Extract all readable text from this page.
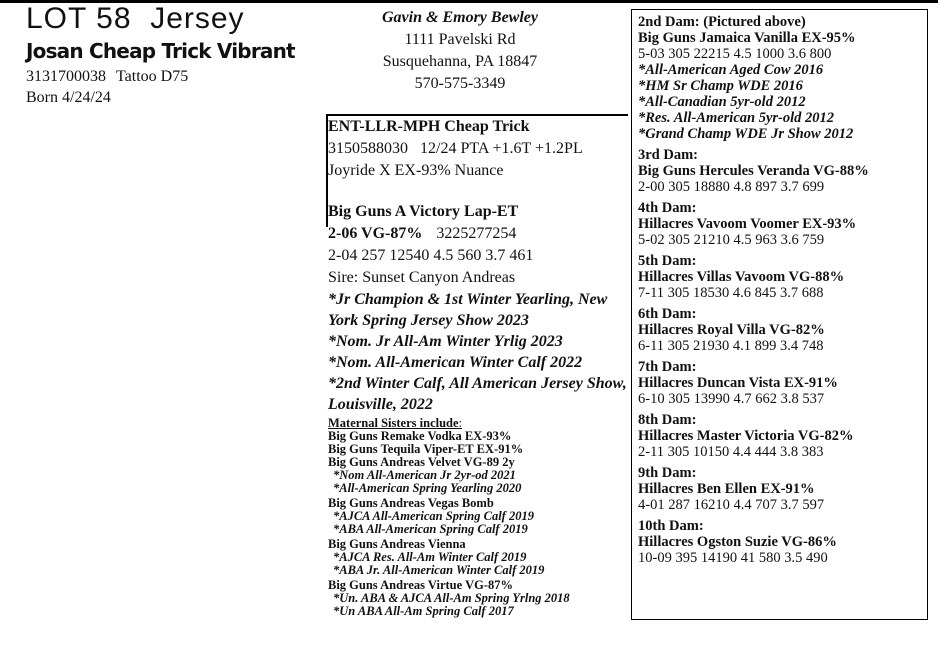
LOT 58 Jersey
Josan Cheap Trick Vibrant
3131700038 Tattoo D75
Born 4/24/24
Gavin & Emory Bewley
1111 Pavelski Rd
Susquehanna, PA 18847
570-575-3349
ENT-LLR-MPH Cheap Trick
3150588030   12/24 PTA +1.6T +1.2PL
Joyride X EX-93% Nuance
Big Guns A Victory Lap-ET
2-06 VG-87% 3225277254
2-04 257 12540 4.5 560 3.7 461
Sire: Sunset Canyon Andreas
*Jr Champion & 1st Winter Yearling, New York Spring Jersey Show 2023
*Nom. Jr All-Am Winter Yrlig 2023
*Nom. All-American Winter Calf 2022
*2nd Winter Calf, All American Jersey Show, Louisville, 2022
Maternal Sisters include:
Big Guns Remake Vodka EX-93%
Big Guns Tequila Viper-ET EX-91%
Big Guns Andreas Velvet VG-89 2y
*Nom All-American Jr 2yr-od 2021
*All-American Spring Yearling 2020
Big Guns Andreas Vegas Bomb
*AJCA All-American Spring Calf 2019
*ABA All-American Spring Calf 2019
Big Guns Andreas Vienna
*AJCA Res. All-Am Winter Calf 2019
*ABA Jr. All-American Winter Calf 2019
Big Guns Andreas Virtue VG-87%
*Un. ABA & AJCA All-Am Spring Yrlng 2018
*Un ABA All-Am Spring Calf 2017
2nd Dam: (Pictured above)
Big Guns Jamaica Vanilla EX-95%
5-03 305 22215 4.5 1000 3.6 800
*All-American Aged Cow 2016
*HM Sr Champ WDE 2016
*All-Canadian 5yr-old 2012
*Res. All-American 5yr-old 2012
*Grand Champ WDE Jr Show 2012
3rd Dam:
Big Guns Hercules Veranda VG-88%
2-00 305 18880 4.8 897 3.7 699
4th Dam:
Hillacres Vavoom Voomer EX-93%
5-02 305 21210 4.5 963 3.6 759
5th Dam:
Hillacres Villas Vavoom VG-88%
7-11 305 18530 4.6 845 3.7 688
6th Dam:
Hillacres Royal Villa VG-82%
6-11 305 21930 4.1 899 3.4 748
7th Dam:
Hillacres Duncan Vista EX-91%
6-10 305 13990 4.7 662 3.8 537
8th Dam:
Hillacres Master Victoria VG-82%
2-11 305 10150 4.4 444 3.8 383
9th Dam:
Hillacres Ben Ellen EX-91%
4-01 287 16210 4.4 707 3.7 597
10th Dam:
Hillacres Ogston Suzie VG-86%
10-09 395 14190 41 580 3.5 490
